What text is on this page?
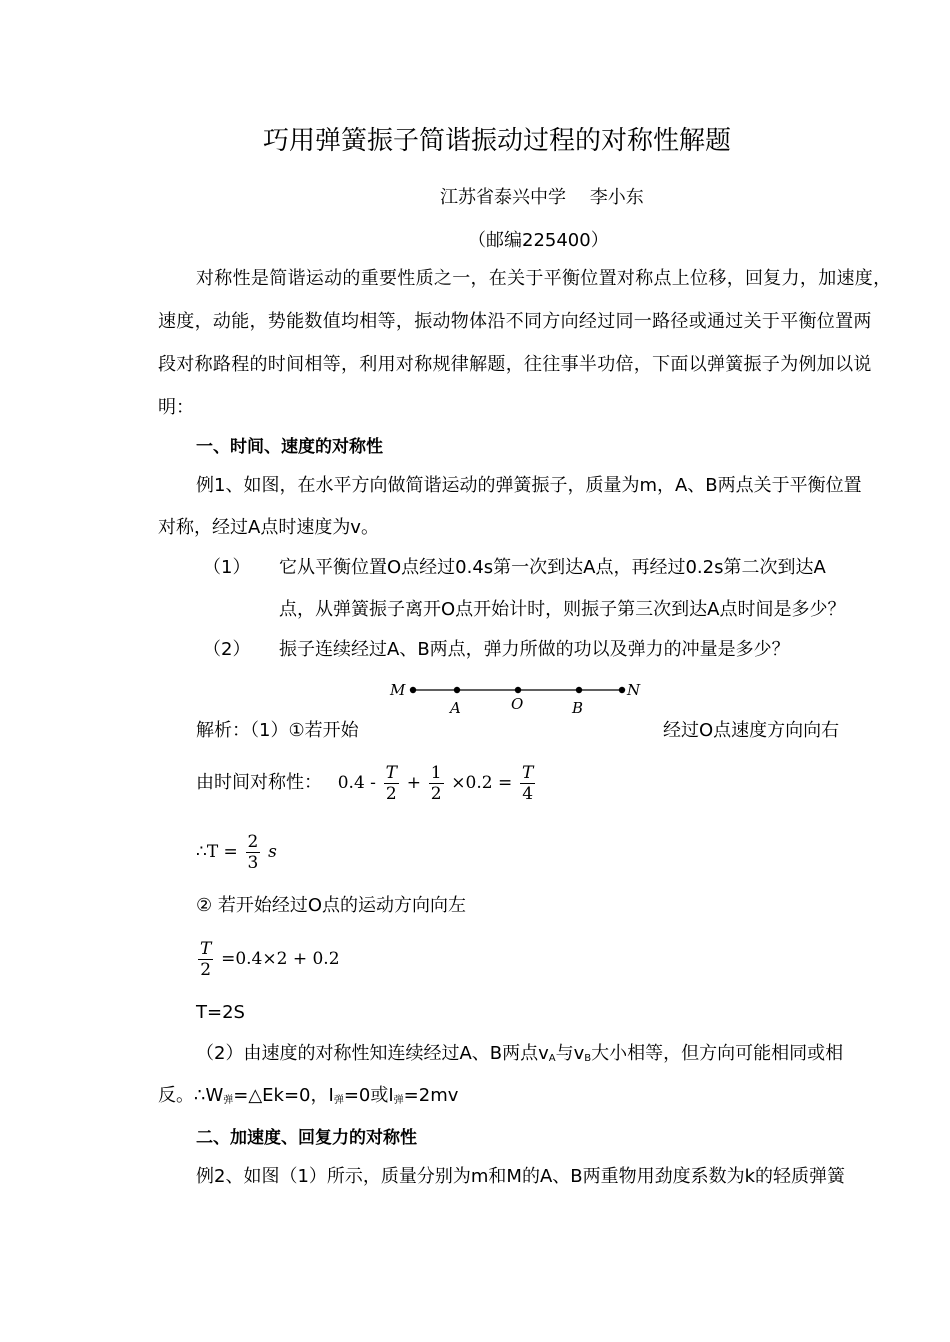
巧用弹簧振子简谐振动过程的对称性解题
江苏省泰兴中学　 李小东
（邮编225400）
对称性是简谐运动的重要性质之一，在关于平衡位置对称点上位移，回复力，加速度，
速度，动能，势能数值均相等，振动物体沿不同方向经过同一路径或通过关于平衡位置两
段对称路程的时间相等，利用对称规律解题，往往事半功倍，下面以弹簧振子为例加以说
明：
一、时间、速度的对称性
例1、如图，在水平方向做简谐运动的弹簧振子，质量为m，A、B两点关于平衡位置
对称，经过A点时速度为v。
（1） 它从平衡位置O点经过0.4s第一次到达A点，再经过0.2s第二次到达A
点，从弹簧振子离开O点开始计时，则振子第三次到达A点时间是多少？
（2） 振子连续经过A、B两点，弹力所做的功以及弹力的冲量是多少？
M
A	O	B
N
解析：（1）①若开始	经过O点速度方向向右
由时间对称性： $0.4 - \frac{T}{2} + \frac{1}{2} \times 0.2 = \frac{T}{4}$
∴T = $\frac{2}{3}$ s
② 若开始经过O点的运动方向向左
$\frac{T}{2} =0.4\times 2 + 0.2$
T=2S
（2）由速度的对称性知连续经过A、B两点$v_A$与$v_B$大小相等，但方向可能相同或相
反。$\therefore W_弹=\triangle Ek=0$，$I_弹=0$或$I_弹=2mv$
二、加速度、回复力的对称性
例2、如图（1）所示，质量分别为m和M的A、B两重物用劲度系数为k的轻质弹簧
